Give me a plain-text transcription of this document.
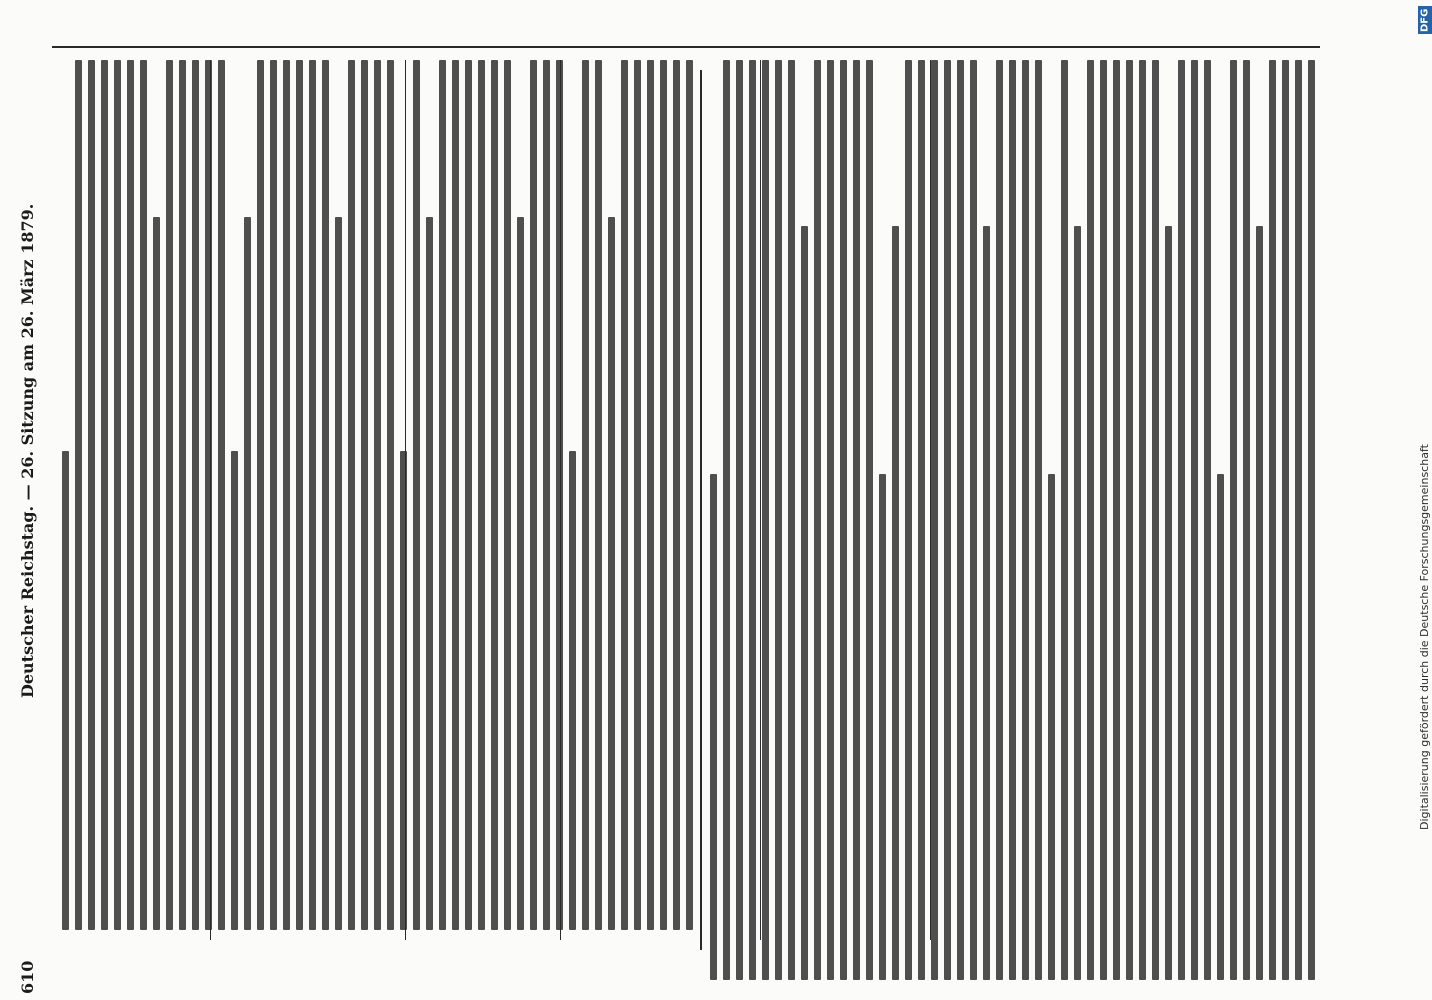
610
Deutscher Reichstag. — 26. Sitzung am 26. März 1879.
DFG
Digitalisierung gefördert durch die Deutsche Forschungsgemeinschaft
